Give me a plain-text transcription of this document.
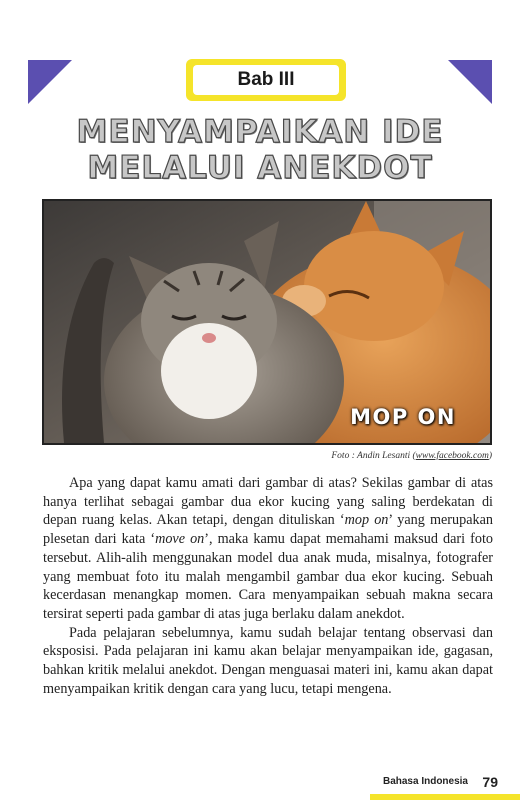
Bab III
MENYAMPAIKAN IDE
MELALUI ANEKDOT
MOP ON
Foto : Andin Lesanti (www.facebook.com)

Apa yang dapat kamu amati dari gambar di atas? Sekilas gambar di atas hanya terlihat sebagai gambar dua ekor kucing yang saling berdekatan di depan ruang kelas. Akan tetapi, dengan dituliskan ‘mop on’ yang merupakan plesetan dari kata ‘move on’, maka kamu dapat memahami maksud dari foto tersebut. Alih-alih menggunakan model dua anak muda, misalnya, fotografer yang membuat foto itu malah mengambil gambar dua ekor kucing. Sebuah kecerdasan menangkap momen. Cara menyampaikan sebuah makna secara tersirat seperti pada gambar di atas juga berlaku dalam anekdot.

Pada pelajaran sebelumnya, kamu sudah belajar tentang observasi dan eksposisi. Pada pelajaran ini kamu akan belajar menyampaikan ide, gagasan, bahkan kritik melalui anekdot. Dengan menguasai materi ini, kamu akan dapat menyampaikan kritik dengan cara yang lucu, tetapi mengena.

Bahasa Indonesia 79
